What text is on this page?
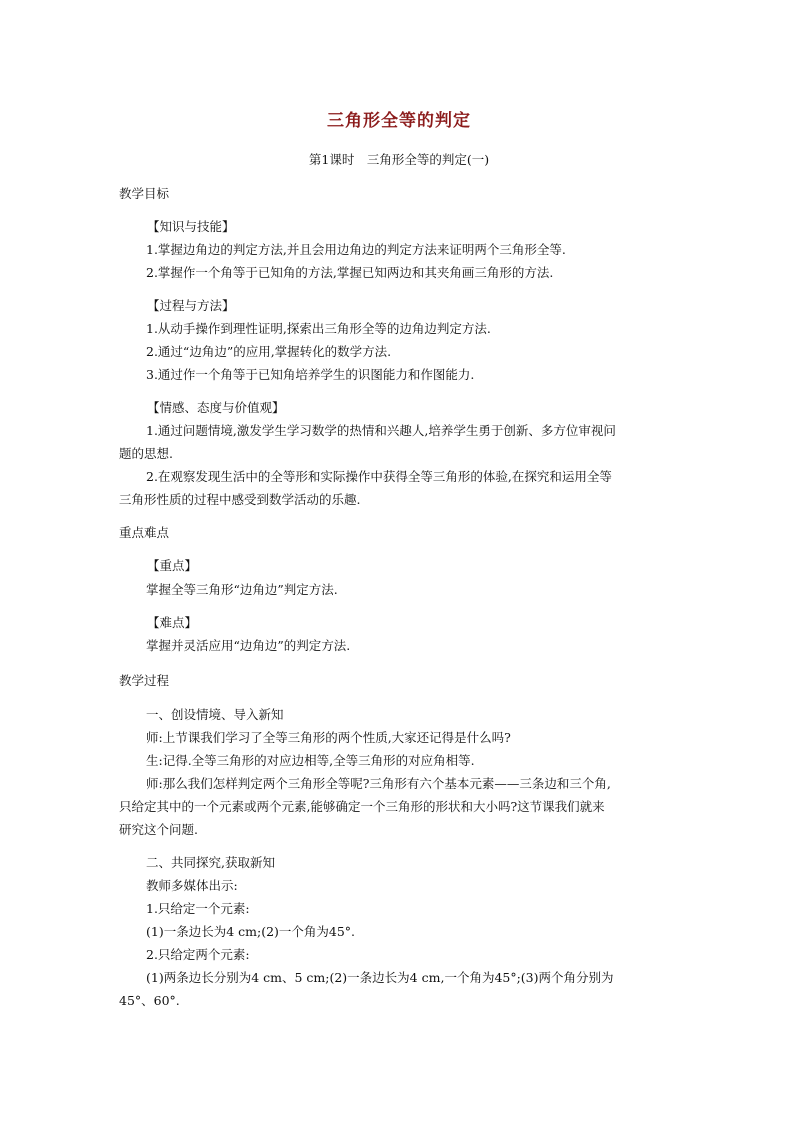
三角形全等的判定
第1课时　三角形全等的判定(一)
教学目标
【知识与技能】
1.掌握边角边的判定方法,并且会用边角边的判定方法来证明两个三角形全等.
2.掌握作一个角等于已知角的方法,掌握已知两边和其夹角画三角形的方法.
【过程与方法】
1.从动手操作到理性证明,探索出三角形全等的边角边判定方法.
2.通过“边角边”的应用,掌握转化的数学方法.
3.通过作一个角等于已知角培养学生的识图能力和作图能力.
【情感、态度与价值观】
1.通过问题情境,激发学生学习数学的热情和兴趣人,培养学生勇于创新、多方位审视问
题的思想.
2.在观察发现生活中的全等形和实际操作中获得全等三角形的体验,在探究和运用全等
三角形性质的过程中感受到数学活动的乐趣.
重点难点
【重点】
掌握全等三角形“边角边”判定方法.
【难点】
掌握并灵活应用“边角边”的判定方法.
教学过程
一、创设情境、导入新知
师:上节课我们学习了全等三角形的两个性质,大家还记得是什么吗?
生:记得.全等三角形的对应边相等,全等三角形的对应角相等.
师:那么我们怎样判定两个三角形全等呢?三角形有六个基本元素——三条边和三个角,
只给定其中的一个元素或两个元素,能够确定一个三角形的形状和大小吗?这节课我们就来
研究这个问题.
二、共同探究,获取新知
教师多媒体出示:
1.只给定一个元素:
(1)一条边长为4 cm;(2)一个角为45°.
2.只给定两个元素:
(1)两条边长分别为4 cm、5 cm;(2)一条边长为4 cm,一个角为45°;(3)两个角分别为
45°、60°.
